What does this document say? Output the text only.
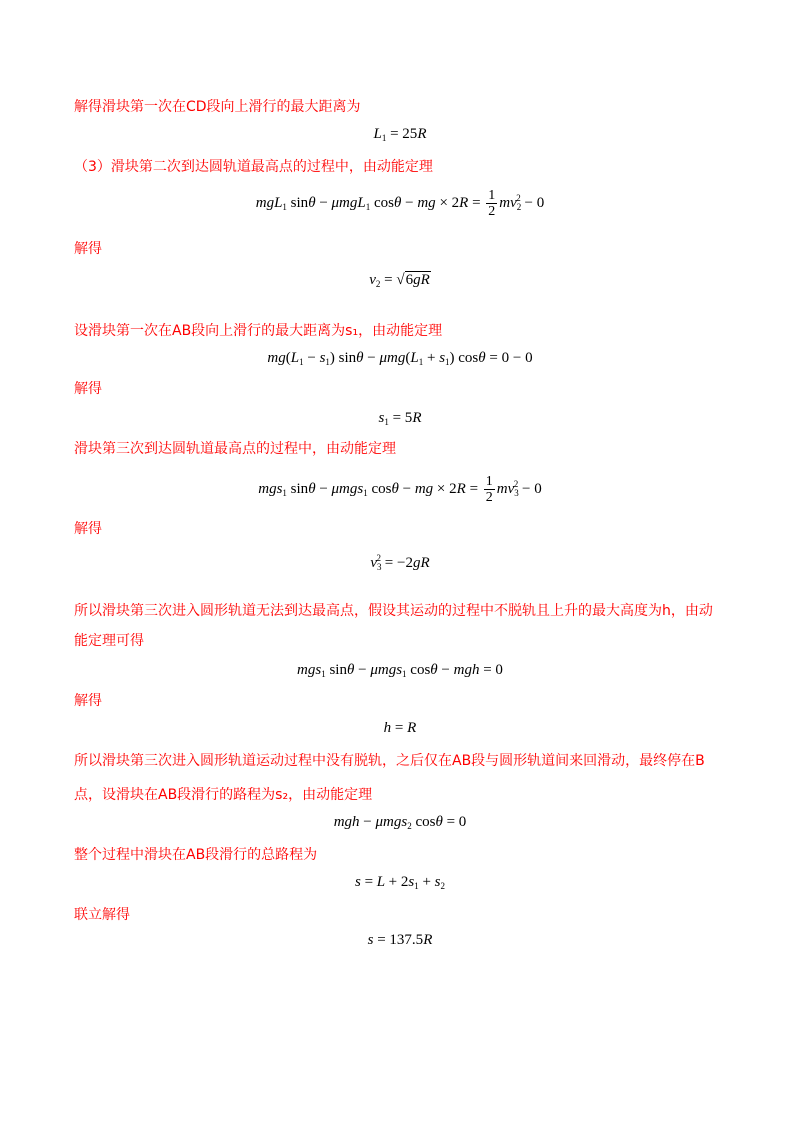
解得滑块第一次在CD段向上滑行的最大距离为
$L_1 = 25R$
（3）滑块第二次到达圆轨道最高点的过程中，由动能定理
mgL$_1$ sinθ − μmgL$_1$ cosθ − mg × $2R = \frac{1}{2} mv_2^2 - 0$
解得
$v_2 = √6gR$
设滑块第一次在AB段向上滑行的最大距离为s₁，由动能定理
$mg(L_1 - s_1) \sin\theta - \mu mg(L_1 + s_1) \cos\theta = 0 - 0$
解得
$s_1 = 5R$
滑块第三次到达圆轨道最高点的过程中，由动能定理
mgs$_1$ sinθ − μmgs$_1$ cosθ − mg × $2R = \frac{1}{2} mv_3^2 - 0$
解得
$v_3^2 = -2gR$
所以滑块第三次进入圆形轨道无法到达最高点，假设其运动的过程中不脱轨且上升的最大高度为h，由动
能定理可得
mgs$_1$ sinθ − μmgs$_1$ cosθ − mgh = 0
解得
h = R
所以滑块第三次进入圆形轨道运动过程中没有脱轨，之后仅在AB段与圆形轨道间来回滑动，最终停在B
点，设滑块在AB段滑行的路程为s₂，由动能定理
mgh − μmgs$_2$ cosθ = 0
整个过程中滑块在AB段滑行的总路程为
$s = L + 2s_1 + s_2$
联立解得
s = 137.5R
